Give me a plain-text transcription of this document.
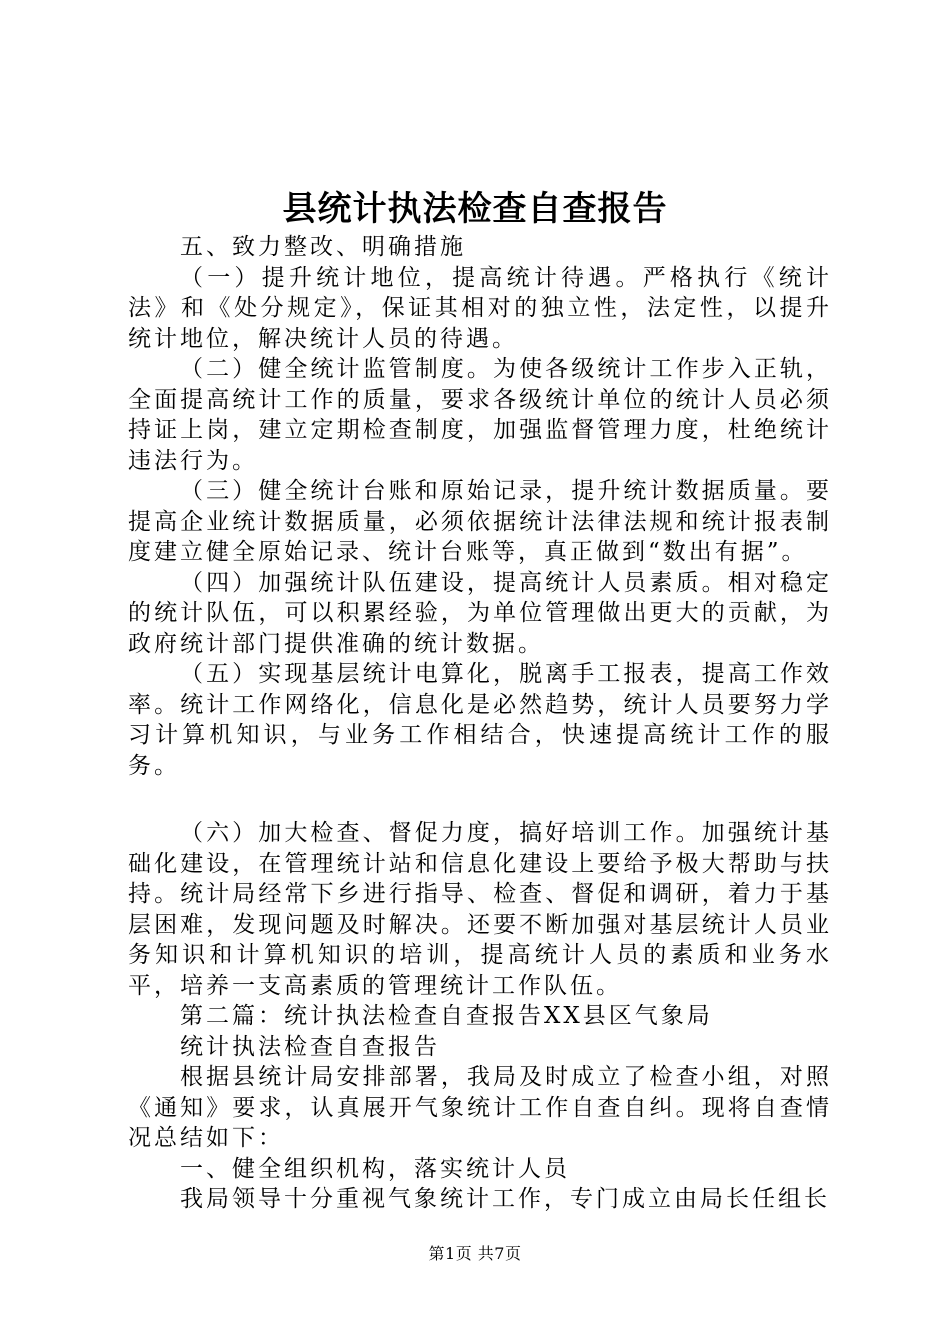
县统计执法检查自查报告

五、致力整改、明确措施

（一）提升统计地位，提高统计待遇。严格执行《统计法》和《处分规定》，保证其相对的独立性，法定性，以提升统计地位，解决统计人员的待遇。

（二）健全统计监管制度。为使各级统计工作步入正轨，全面提高统计工作的质量，要求各级统计单位的统计人员必须持证上岗，建立定期检查制度，加强监督管理力度，杜绝统计违法行为。

（三）健全统计台账和原始记录，提升统计数据质量。要提高企业统计数据质量，必须依据统计法律法规和统计报表制度建立健全原始记录、统计台账等，真正做到“数出有据”。

（四）加强统计队伍建设，提高统计人员素质。相对稳定的统计队伍，可以积累经验，为单位管理做出更大的贡献，为政府统计部门提供准确的统计数据。

（五）实现基层统计电算化，脱离手工报表，提高工作效率。统计工作网络化，信息化是必然趋势，统计人员要努力学习计算机知识，与业务工作相结合，快速提高统计工作的服务。

（六）加大检查、督促力度，搞好培训工作。加强统计基础化建设，在管理统计站和信息化建设上要给予极大帮助与扶持。统计局经常下乡进行指导、检查、督促和调研，着力于基层困难，发现问题及时解决。还要不断加强对基层统计人员业务知识和计算机知识的培训，提高统计人员的素质和业务水平，培养一支高素质的管理统计工作队伍。

第二篇：统计执法检查自查报告XX县区气象局

统计执法检查自查报告

根据县统计局安排部署，我局及时成立了检查小组，对照《通知》要求，认真展开气象统计工作自查自纠。现将自查情况总结如下：

一、健全组织机构，落实统计人员

我局领导十分重视气象统计工作，专门成立由局长任组长

第1页 共7页
